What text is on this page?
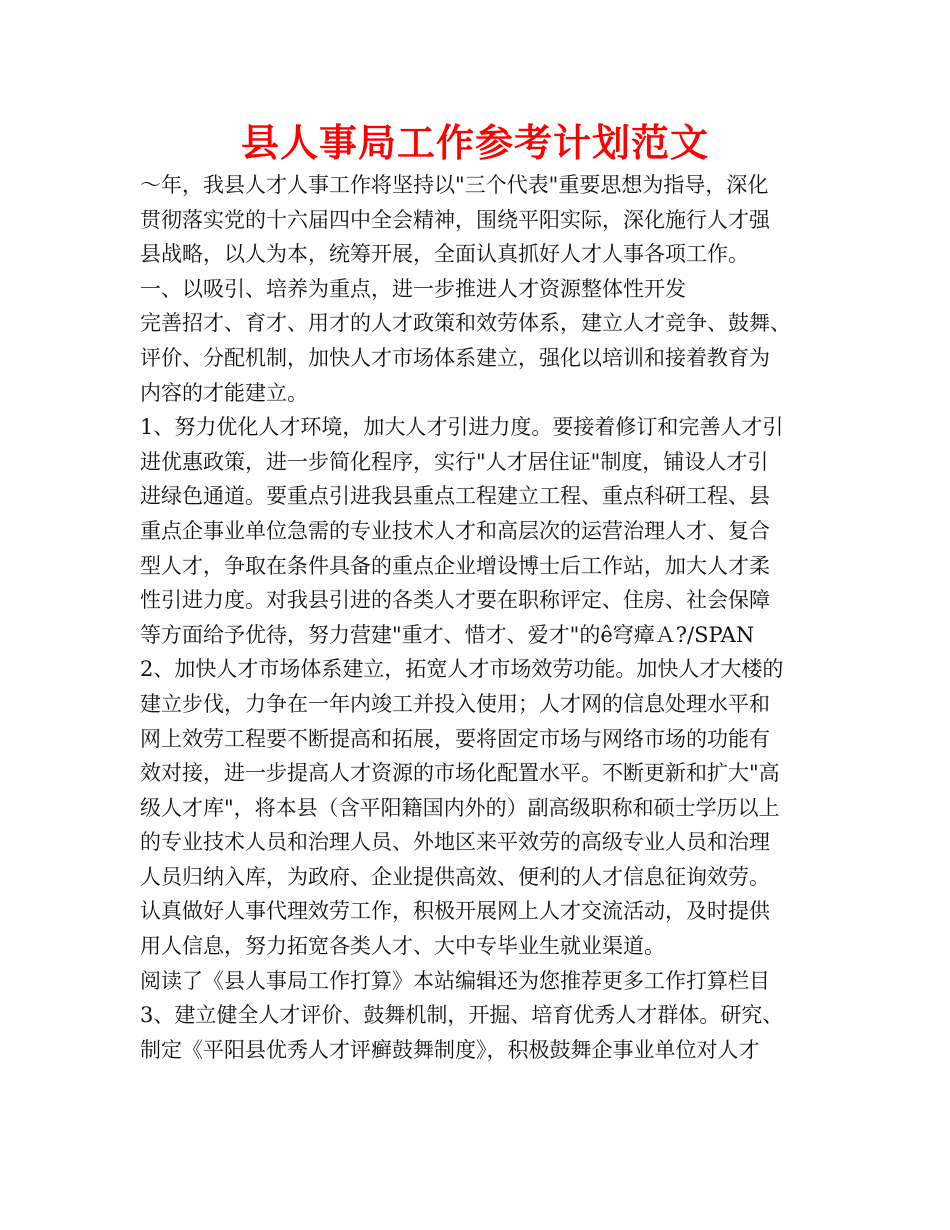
县人事局工作参考计划范文
～年，我县人才人事工作将坚持以"三个代表"重要思想为指导，深化
贯彻落实党的十六届四中全会精神，围绕平阳实际，深化施行人才强
县战略，以人为本，统筹开展，全面认真抓好人才人事各项工作。
一、以吸引、培养为重点，进一步推进人才资源整体性开发
完善招才、育才、用才的人才政策和效劳体系，建立人才竞争、鼓舞、
评价、分配机制，加快人才市场体系建立，强化以培训和接着教育为
内容的才能建立。
1、努力优化人才环境，加大人才引进力度。要接着修订和完善人才引
进优惠政策，进一步简化程序，实行"人才居住证"制度，铺设人才引
进绿色通道。要重点引进我县重点工程建立工程、重点科研工程、县
重点企事业单位急需的专业技术人才和高层次的运营治理人才、复合
型人才，争取在条件具备的重点企业增设博士后工作站，加大人才柔
性引进力度。对我县引进的各类人才要在职称评定、住房、社会保障
等方面给予优待，努力营建"重才、惜才、爱才"的ê穹瘴Ａ?/SPAN
2、加快人才市场体系建立，拓宽人才市场效劳功能。加快人才大楼的
建立步伐，力争在一年内竣工并投入使用；人才网的信息处理水平和
网上效劳工程要不断提高和拓展，要将固定市场与网络市场的功能有
效对接，进一步提高人才资源的市场化配置水平。不断更新和扩大"高
级人才库"，将本县（含平阳籍国内外的）副高级职称和硕士学历以上
的专业技术人员和治理人员、外地区来平效劳的高级专业人员和治理
人员归纳入库，为政府、企业提供高效、便利的人才信息征询效劳。
认真做好人事代理效劳工作，积极开展网上人才交流活动，及时提供
用人信息，努力拓宽各类人才、大中专毕业生就业渠道。
阅读了《县人事局工作打算》本站编辑还为您推荐更多工作打算栏目
3、建立健全人才评价、鼓舞机制，开掘、培育优秀人才群体。研究、
制定《平阳县优秀人才评癣鼓舞制度》，积极鼓舞企事业单位对人才
